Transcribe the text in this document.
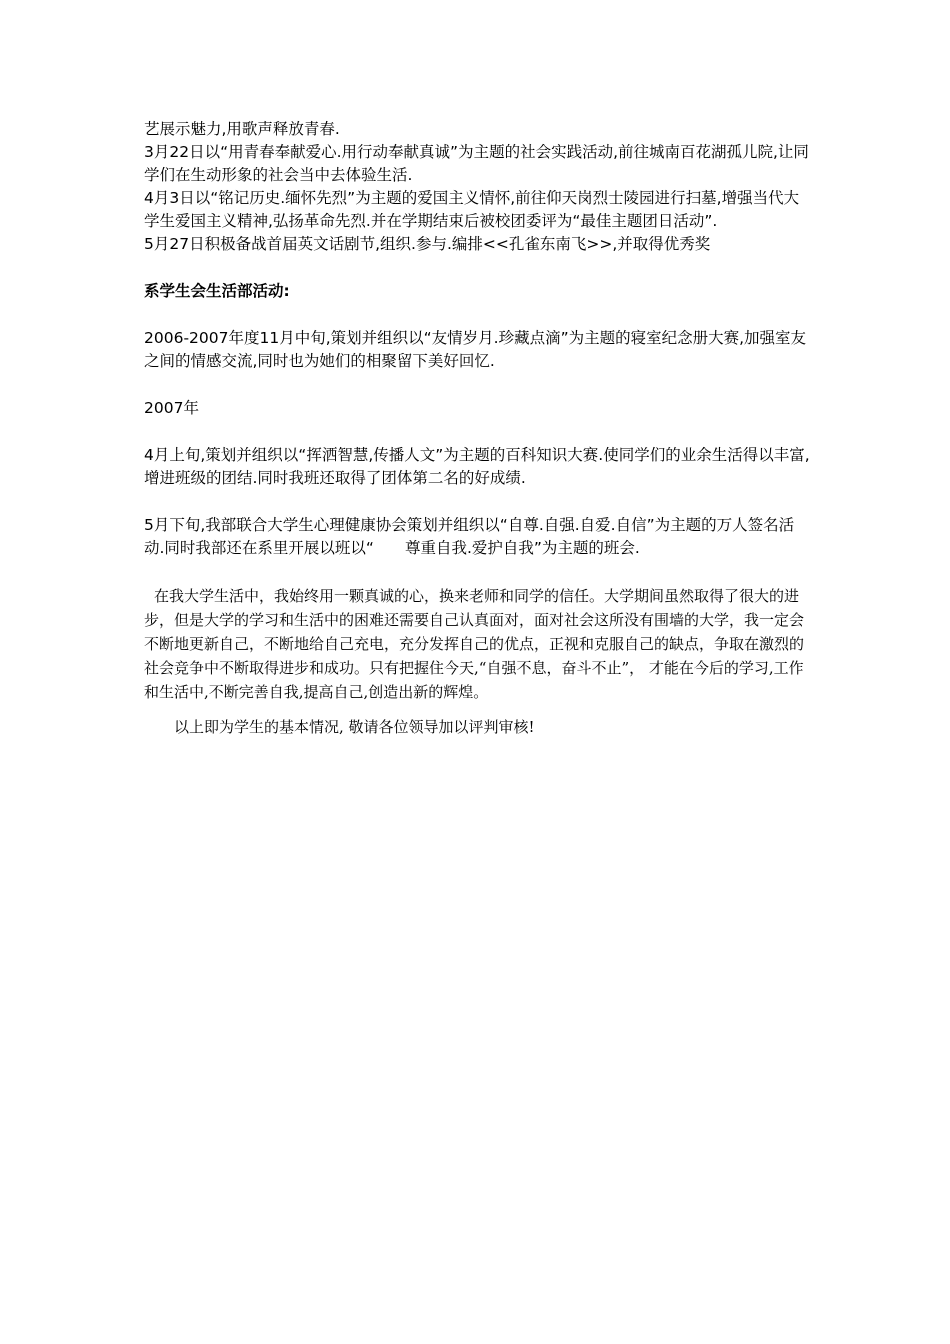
艺展示魅力,用歌声释放青春.

3月22日以“用青春奉献爱心.用行动奉献真诚”为主题的社会实践活动,前往城南百花湖孤儿院,让同学们在生动形象的社会当中去体验生活.

4月3日以“铭记历史.缅怀先烈”为主题的爱国主义情怀,前往仰天岗烈士陵园进行扫墓,增强当代大学生爱国主义精神,弘扬革命先烈.并在学期结束后被校团委评为“最佳主题团日活动”.

5月27日积极备战首届英文话剧节,组织.参与.编排<<孔雀东南飞>>,并取得优秀奖

系学生会生活部活动:

2006-2007年度11月中旬,策划并组织以“友情岁月.珍藏点滴”为主题的寝室纪念册大赛,加强室友之间的情感交流,同时也为她们的相聚留下美好回忆.

2007年

4月上旬,策划并组织以“挥洒智慧,传播人文”为主题的百科知识大赛.使同学们的业余生活得以丰富,增进班级的团结.同时我班还取得了团体第二名的好成绩.

5月下旬,我部联合大学生心理健康协会策划并组织以“自尊.自强.自爱.自信”为主题的万人签名活动.同时我部还在系里开展以班以“　　尊重自我.爱护自我”为主题的班会.

在我大学生活中，我始终用一颗真诚的心，换来老师和同学的信任。大学期间虽然取得了很大的进步，但是大学的学习和生活中的困难还需要自己认真面对，面对社会这所没有围墙的大学，我一定会不断地更新自己，不断地给自己充电，充分发挥自己的优点，正视和克服自己的缺点，争取在激烈的社会竞争中不断取得进步和成功。只有把握住今天,“自强不息，奋斗不止”， 才能在今后的学习,工作和生活中,不断完善自我,提高自己,创造出新的辉煌。

以上即为学生的基本情况, 敬请各位领导加以评判审核!
